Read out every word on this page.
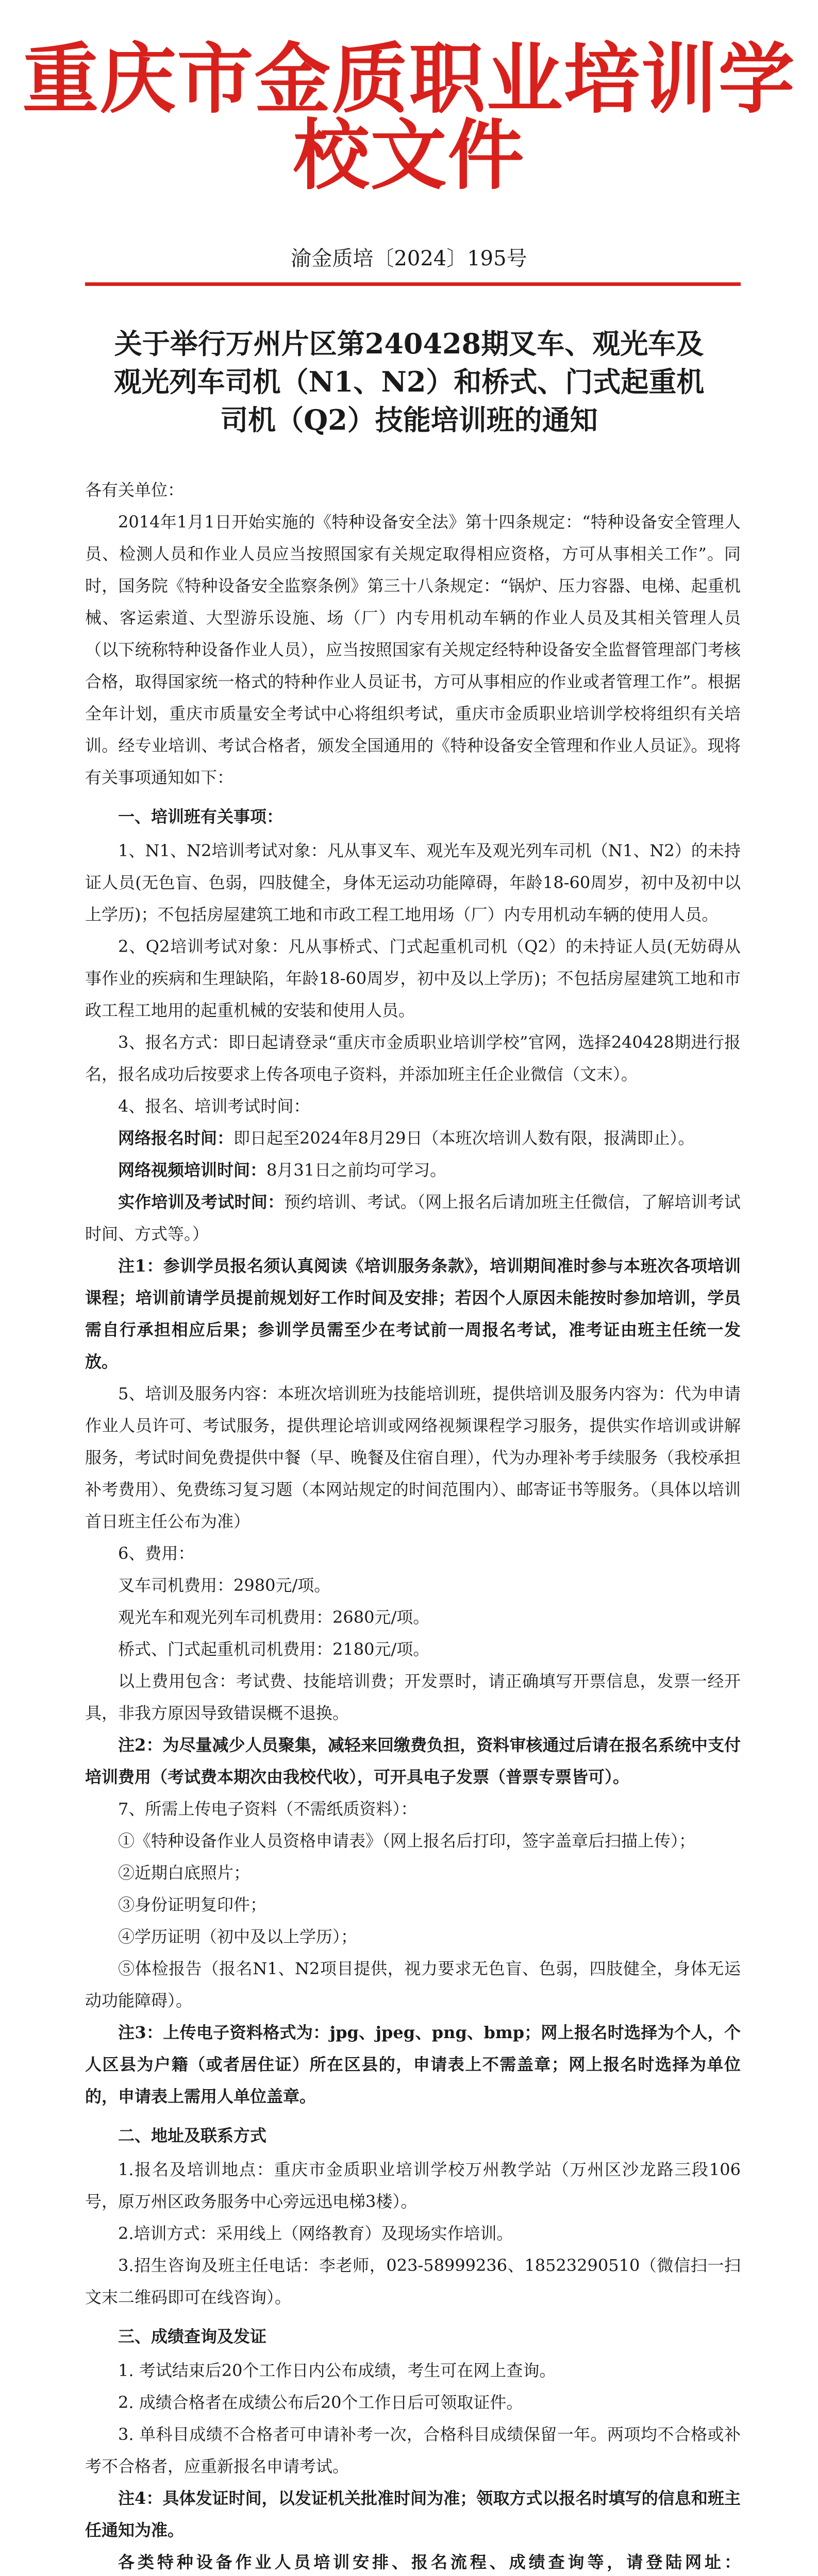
重庆市金质职业培训学校文件
渝金质培〔2024〕195号
关于举行万州片区第240428期叉车、观光车及
观光列车司机（N1、N2）和桥式、门式起重机
司机（Q2）技能培训班的通知

各有关单位：

2014年1月1日开始实施的《特种设备安全法》第十四条规定：“特种设备安全管理人员、检测人员和作业人员应当按照国家有关规定取得相应资格，方可从事相关工作”。同时，国务院《特种设备安全监察条例》第三十八条规定：“锅炉、压力容器、电梯、起重机械、客运索道、大型游乐设施、场（厂）内专用机动车辆的作业人员及其相关管理人员（以下统称特种设备作业人员），应当按照国家有关规定经特种设备安全监督管理部门考核合格，取得国家统一格式的特种作业人员证书，方可从事相应的作业或者管理工作”。根据全年计划，重庆市质量安全考试中心将组织考试，重庆市金质职业培训学校将组织有关培训。经专业培训、考试合格者，颁发全国通用的《特种设备安全管理和作业人员证》。现将有关事项通知如下：

一、培训班有关事项：

1、N1、N2培训考试对象：凡从事叉车、观光车及观光列车司机（N1、N2）的未持证人员(无色盲、色弱，四肢健全，身体无运动功能障碍，年龄18-60周岁，初中及初中以上学历)；不包括房屋建筑工地和市政工程工地用场（厂）内专用机动车辆的使用人员。

2、Q2培训考试对象：凡从事桥式、门式起重机司机（Q2）的未持证人员(无妨碍从事作业的疾病和生理缺陷，年龄18-60周岁，初中及以上学历)；不包括房屋建筑工地和市政工程工地用的起重机械的安装和使用人员。

3、报名方式：即日起请登录“重庆市金质职业培训学校”官网，选择240428期进行报名，报名成功后按要求上传各项电子资料，并添加班主任企业微信（文末）。

4、报名、培训考试时间：

网络报名时间：即日起至2024年8月29日（本班次培训人数有限，报满即止）。

网络视频培训时间：8月31日之前均可学习。

实作培训及考试时间：预约培训、考试。（网上报名后请加班主任微信，了解培训考试时间、方式等。）

注1：参训学员报名须认真阅读《培训服务条款》，培训期间准时参与本班次各项培训课程；培训前请学员提前规划好工作时间及安排；若因个人原因未能按时参加培训，学员需自行承担相应后果；参训学员需至少在考试前一周报名考试，准考证由班主任统一发放。

5、培训及服务内容：本班次培训班为技能培训班，提供培训及服务内容为：代为申请作业人员许可、考试服务，提供理论培训或网络视频课程学习服务，提供实作培训或讲解服务，考试时间免费提供中餐（早、晚餐及住宿自理），代为办理补考手续服务（我校承担补考费用）、免费练习复习题（本网站规定的时间范围内）、邮寄证书等服务。（具体以培训首日班主任公布为准）

6、费用：

叉车司机费用：2980元/项。

观光车和观光列车司机费用：2680元/项。

桥式、门式起重机司机费用：2180元/项。

以上费用包含：考试费、技能培训费；开发票时，请正确填写开票信息，发票一经开具，非我方原因导致错误概不退换。

注2：为尽量减少人员聚集，减轻来回缴费负担，资料审核通过后请在报名系统中支付培训费用（考试费本期次由我校代收），可开具电子发票（普票专票皆可）。

7、所需上传电子资料（不需纸质资料）：

①《特种设备作业人员资格申请表》（网上报名后打印，签字盖章后扫描上传）；

②近期白底照片；

③身份证明复印件；

④学历证明（初中及以上学历）；

⑤体检报告（报名N1、N2项目提供，视力要求无色盲、色弱，四肢健全，身体无运动功能障碍）。

注3：上传电子资料格式为：jpg、jpeg、png、bmp；网上报名时选择为个人，个人区县为户籍（或者居住证）所在区县的，申请表上不需盖章；网上报名时选择为单位的，申请表上需用人单位盖章。

二、地址及联系方式

1.报名及培训地点：重庆市金质职业培训学校万州教学站（万州区沙龙路三段106号，原万州区政务服务中心旁远迅电梯3楼）。

2.培训方式：采用线上（网络教育）及现场实作培训。

3.招生咨询及班主任电话：李老师，023-58999236、18523290510（微信扫一扫文末二维码即可在线咨询）。

三、成绩查询及发证

1. 考试结束后20个工作日内公布成绩，考生可在网上查询。

2. 成绩合格者在成绩公布后20个工作日后可领取证件。

3. 单科目成绩不合格者可申请补考一次，合格科目成绩保留一年。两项均不合格或补考不合格者，应重新报名申请考试。

注4：具体发证时间，以发证机关批准时间为准；领取方式以报名时填写的信息和班主任通知为准。

各类特种设备作业人员培训安排、报名流程、成绩查询等，请登陆网址：
